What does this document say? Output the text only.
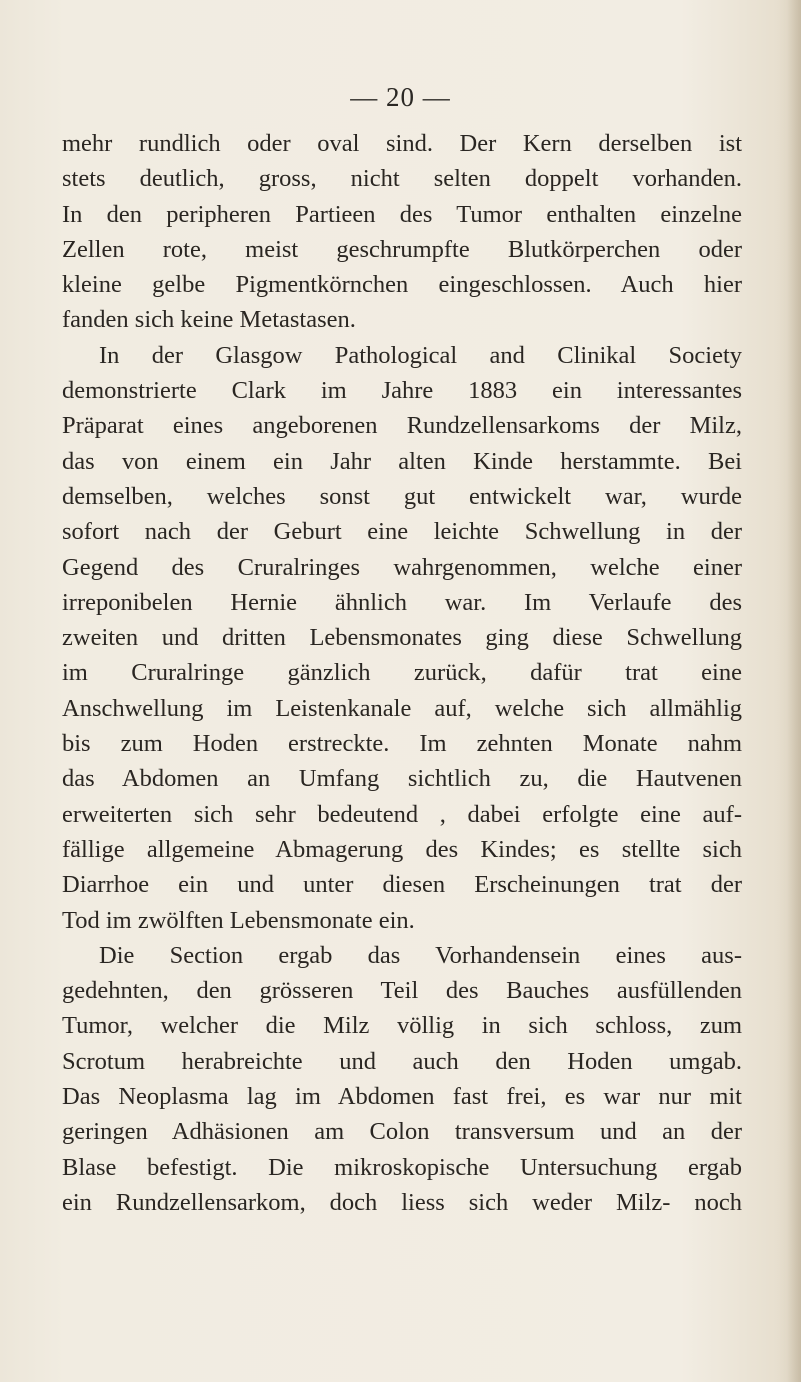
— 20 —
mehr rundlich oder oval sind. Der Kern derselben ist
stets deutlich, gross, nicht selten doppelt vorhanden.
In den peripheren Partieen des Tumor enthalten einzelne
Zellen rote, meist geschrumpfte Blutkörperchen oder
kleine gelbe Pigmentkörnchen eingeschlossen. Auch hier
fanden sich keine Metastasen.
In der Glasgow Pathological and Clinikal Society
demonstrierte Clark im Jahre 1883 ein interessantes
Präparat eines angeborenen Rundzellensarkoms der Milz,
das von einem ein Jahr alten Kinde herstammte. Bei
demselben, welches sonst gut entwickelt war, wurde
sofort nach der Geburt eine leichte Schwellung in der
Gegend des Cruralringes wahrgenommen, welche einer
irreponibelen Hernie ähnlich war. Im Verlaufe des
zweiten und dritten Lebensmonates ging diese Schwellung
im Cruralringe gänzlich zurück, dafür trat eine
Anschwellung im Leistenkanale auf, welche sich allmählig
bis zum Hoden erstreckte. Im zehnten Monate nahm
das Abdomen an Umfang sichtlich zu, die Hautvenen
erweiterten sich sehr bedeutend , dabei erfolgte eine auf-
fällige allgemeine Abmagerung des Kindes; es stellte sich
Diarrhoe ein und unter diesen Erscheinungen trat der
Tod im zwölften Lebensmonate ein.
Die Section ergab das Vorhandensein eines aus-
gedehnten, den grösseren Teil des Bauches ausfüllenden
Tumor, welcher die Milz völlig in sich schloss, zum
Scrotum herabreichte und auch den Hoden umgab.
Das Neoplasma lag im Abdomen fast frei, es war nur mit
geringen Adhäsionen am Colon transversum und an der
Blase befestigt. Die mikroskopische Untersuchung ergab
ein Rundzellensarkom, doch liess sich weder Milz- noch
